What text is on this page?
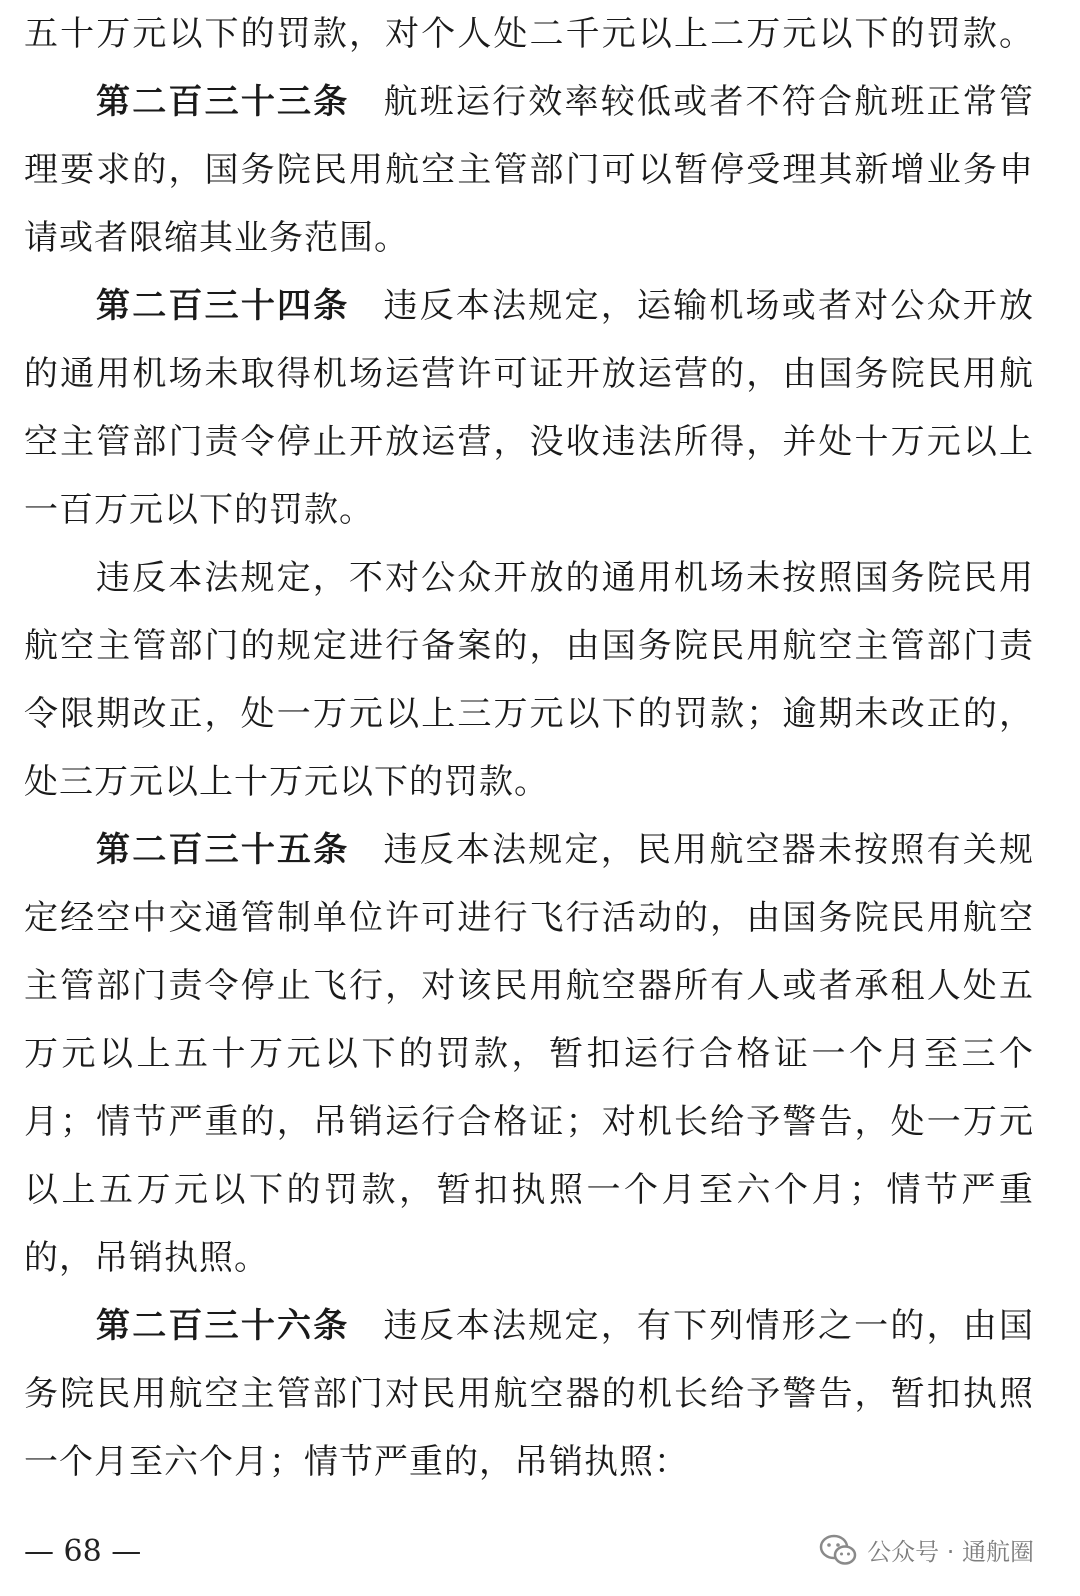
五十万元以下的罚款，对个人处二千元以上二万元以下的罚款。
第二百三十三条 航班运行效率较低或者不符合航班正常管
理要求的，国务院民用航空主管部门可以暂停受理其新增业务申
请或者限缩其业务范围。
第二百三十四条 违反本法规定，运输机场或者对公众开放
的通用机场未取得机场运营许可证开放运营的，由国务院民用航
空主管部门责令停止开放运营，没收违法所得，并处十万元以上
一百万元以下的罚款。
违反本法规定，不对公众开放的通用机场未按照国务院民用
航空主管部门的规定进行备案的，由国务院民用航空主管部门责
令限期改正，处一万元以上三万元以下的罚款；逾期未改正的，
处三万元以上十万元以下的罚款。
第二百三十五条 违反本法规定，民用航空器未按照有关规
定经空中交通管制单位许可进行飞行活动的，由国务院民用航空
主管部门责令停止飞行，对该民用航空器所有人或者承租人处五
万元以上五十万元以下的罚款，暂扣运行合格证一个月至三个
月；情节严重的，吊销运行合格证；对机长给予警告，处一万元
以上五万元以下的罚款，暂扣执照一个月至六个月；情节严重
的，吊销执照。
第二百三十六条 违反本法规定，有下列情形之一的，由国
务院民用航空主管部门对民用航空器的机长给予警告，暂扣执照
一个月至六个月；情节严重的，吊销执照：
— 68 —	公众号 · 通航圈
